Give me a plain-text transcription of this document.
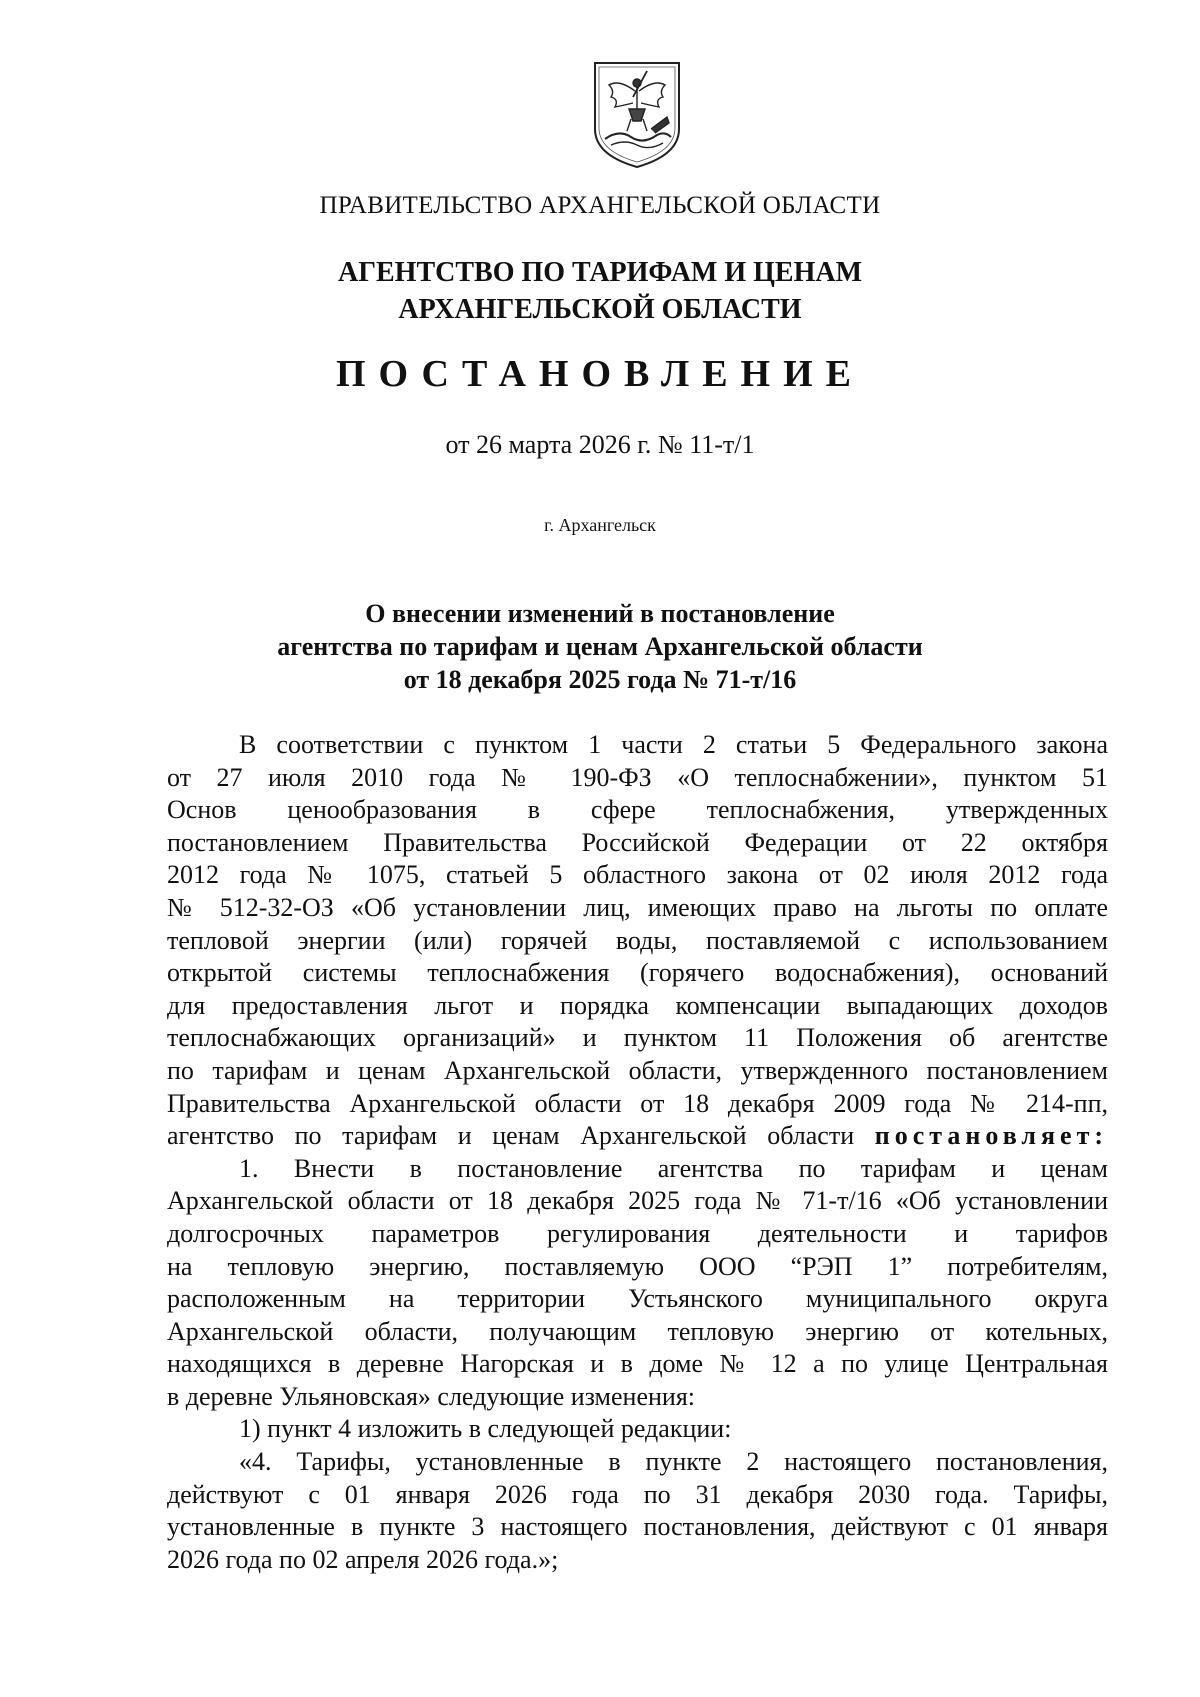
ПРАВИТЕЛЬСТВО АРХАНГЕЛЬСКОЙ ОБЛАСТИ
АГЕНТСТВО ПО ТАРИФАМ И ЦЕНАМ
АРХАНГЕЛЬСКОЙ ОБЛАСТИ
ПОСТАНОВЛЕНИЕ
от 26 марта 2026 г. № 11-т/1
г. Архангельск
О внесении изменений в постановление
агентства по тарифам и ценам Архангельской области
от 18 декабря 2025 года № 71-т/16
В соответствии с пунктом 1 части 2 статьи 5 Федерального закона
от 27 июля 2010 года № 190-ФЗ «О теплоснабжении», пунктом 51
Основ ценообразования в сфере теплоснабжения, утвержденных
постановлением Правительства Российской Федерации от 22 октября
2012 года № 1075, статьей 5 областного закона от 02 июля 2012 года
№ 512-32-ОЗ «Об установлении лиц, имеющих право на льготы по оплате
тепловой энергии (или) горячей воды, поставляемой с использованием
открытой системы теплоснабжения (горячего водоснабжения), оснований
для предоставления льгот и порядка компенсации выпадающих доходов
теплоснабжающих организаций» и пунктом 11 Положения об агентстве
по тарифам и ценам Архангельской области, утвержденного постановлением
Правительства Архангельской области от 18 декабря 2009 года № 214-пп,
агентство по тарифам и ценам Архангельской области постановляет:
1. Внести в постановление агентства по тарифам и ценам
Архангельской области от 18 декабря 2025 года № 71-т/16 «Об установлении
долгосрочных параметров регулирования деятельности и тарифов
на тепловую энергию, поставляемую ООО “РЭП 1” потребителям,
расположенным на территории Устьянского муниципального округа
Архангельской области, получающим тепловую энергию от котельных,
находящихся в деревне Нагорская и в доме № 12 а по улице Центральная
в деревне Ульяновская» следующие изменения:
1) пункт 4 изложить в следующей редакции:
«4. Тарифы, установленные в пункте 2 настоящего постановления,
действуют с 01 января 2026 года по 31 декабря 2030 года. Тарифы,
установленные в пункте 3 настоящего постановления, действуют с 01 января
2026 года по 02 апреля 2026 года.»;
